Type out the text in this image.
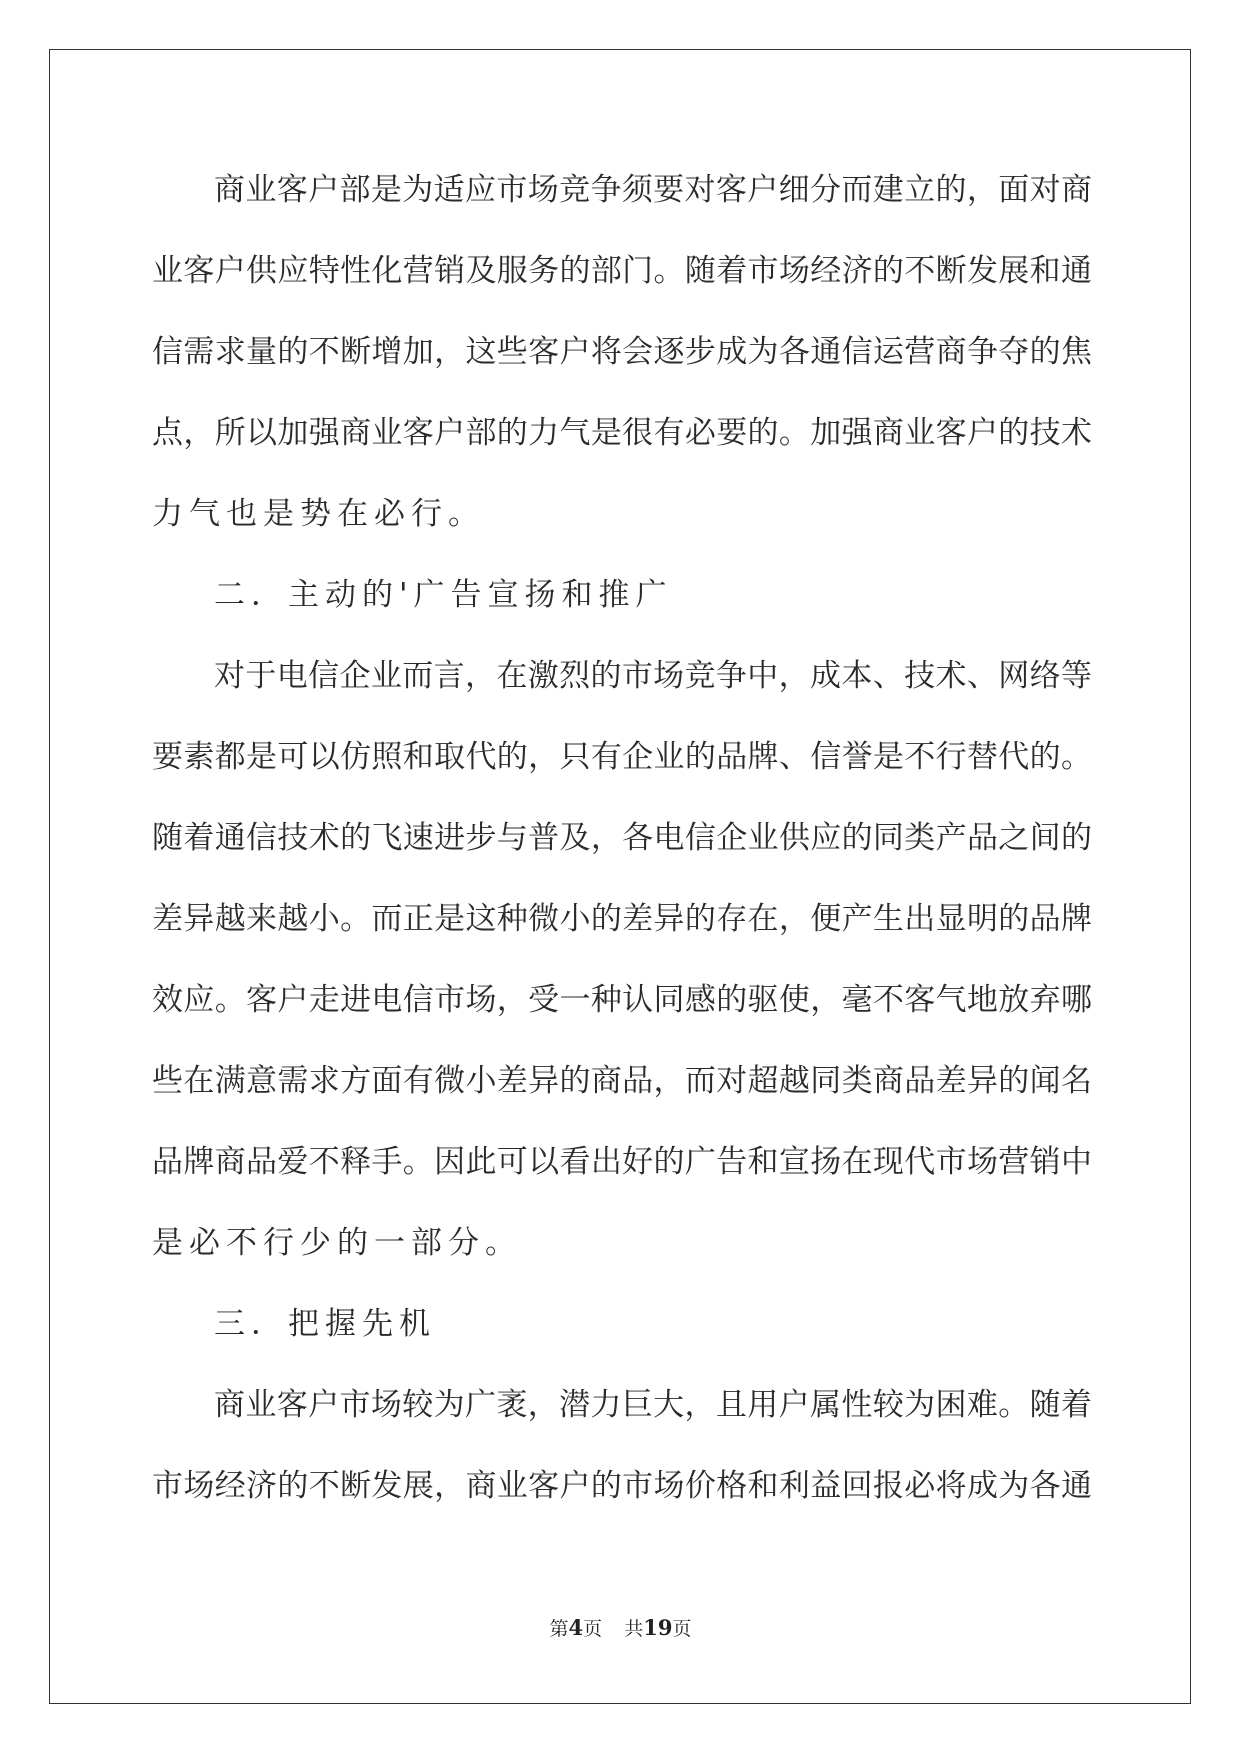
商业客户部是为适应市场竞争须要对客户细分而建立的，面对商
业客户供应特性化营销及服务的部门。随着市场经济的不断发展和通
信需求量的不断增加，这些客户将会逐步成为各通信运营商争夺的焦
点，所以加强商业客户部的力气是很有必要的。加强商业客户的技术
力气也是势在必行。
二．主动的'广告宣扬和推广
对于电信企业而言，在激烈的市场竞争中，成本、技术、网络等
要素都是可以仿照和取代的，只有企业的品牌、信誉是不行替代的。
随着通信技术的飞速进步与普及，各电信企业供应的同类产品之间的
差异越来越小。而正是这种微小的差异的存在，便产生出显明的品牌
效应。客户走进电信市场，受一种认同感的驱使，毫不客气地放弃哪
些在满意需求方面有微小差异的商品，而对超越同类商品差异的闻名
品牌商品爱不释手。因此可以看出好的广告和宣扬在现代市场营销中
是必不行少的一部分。
三．把握先机
商业客户市场较为广袤，潜力巨大，且用户属性较为困难。随着
市场经济的不断发展，商业客户的市场价格和利益回报必将成为各通
第4页 共19页
